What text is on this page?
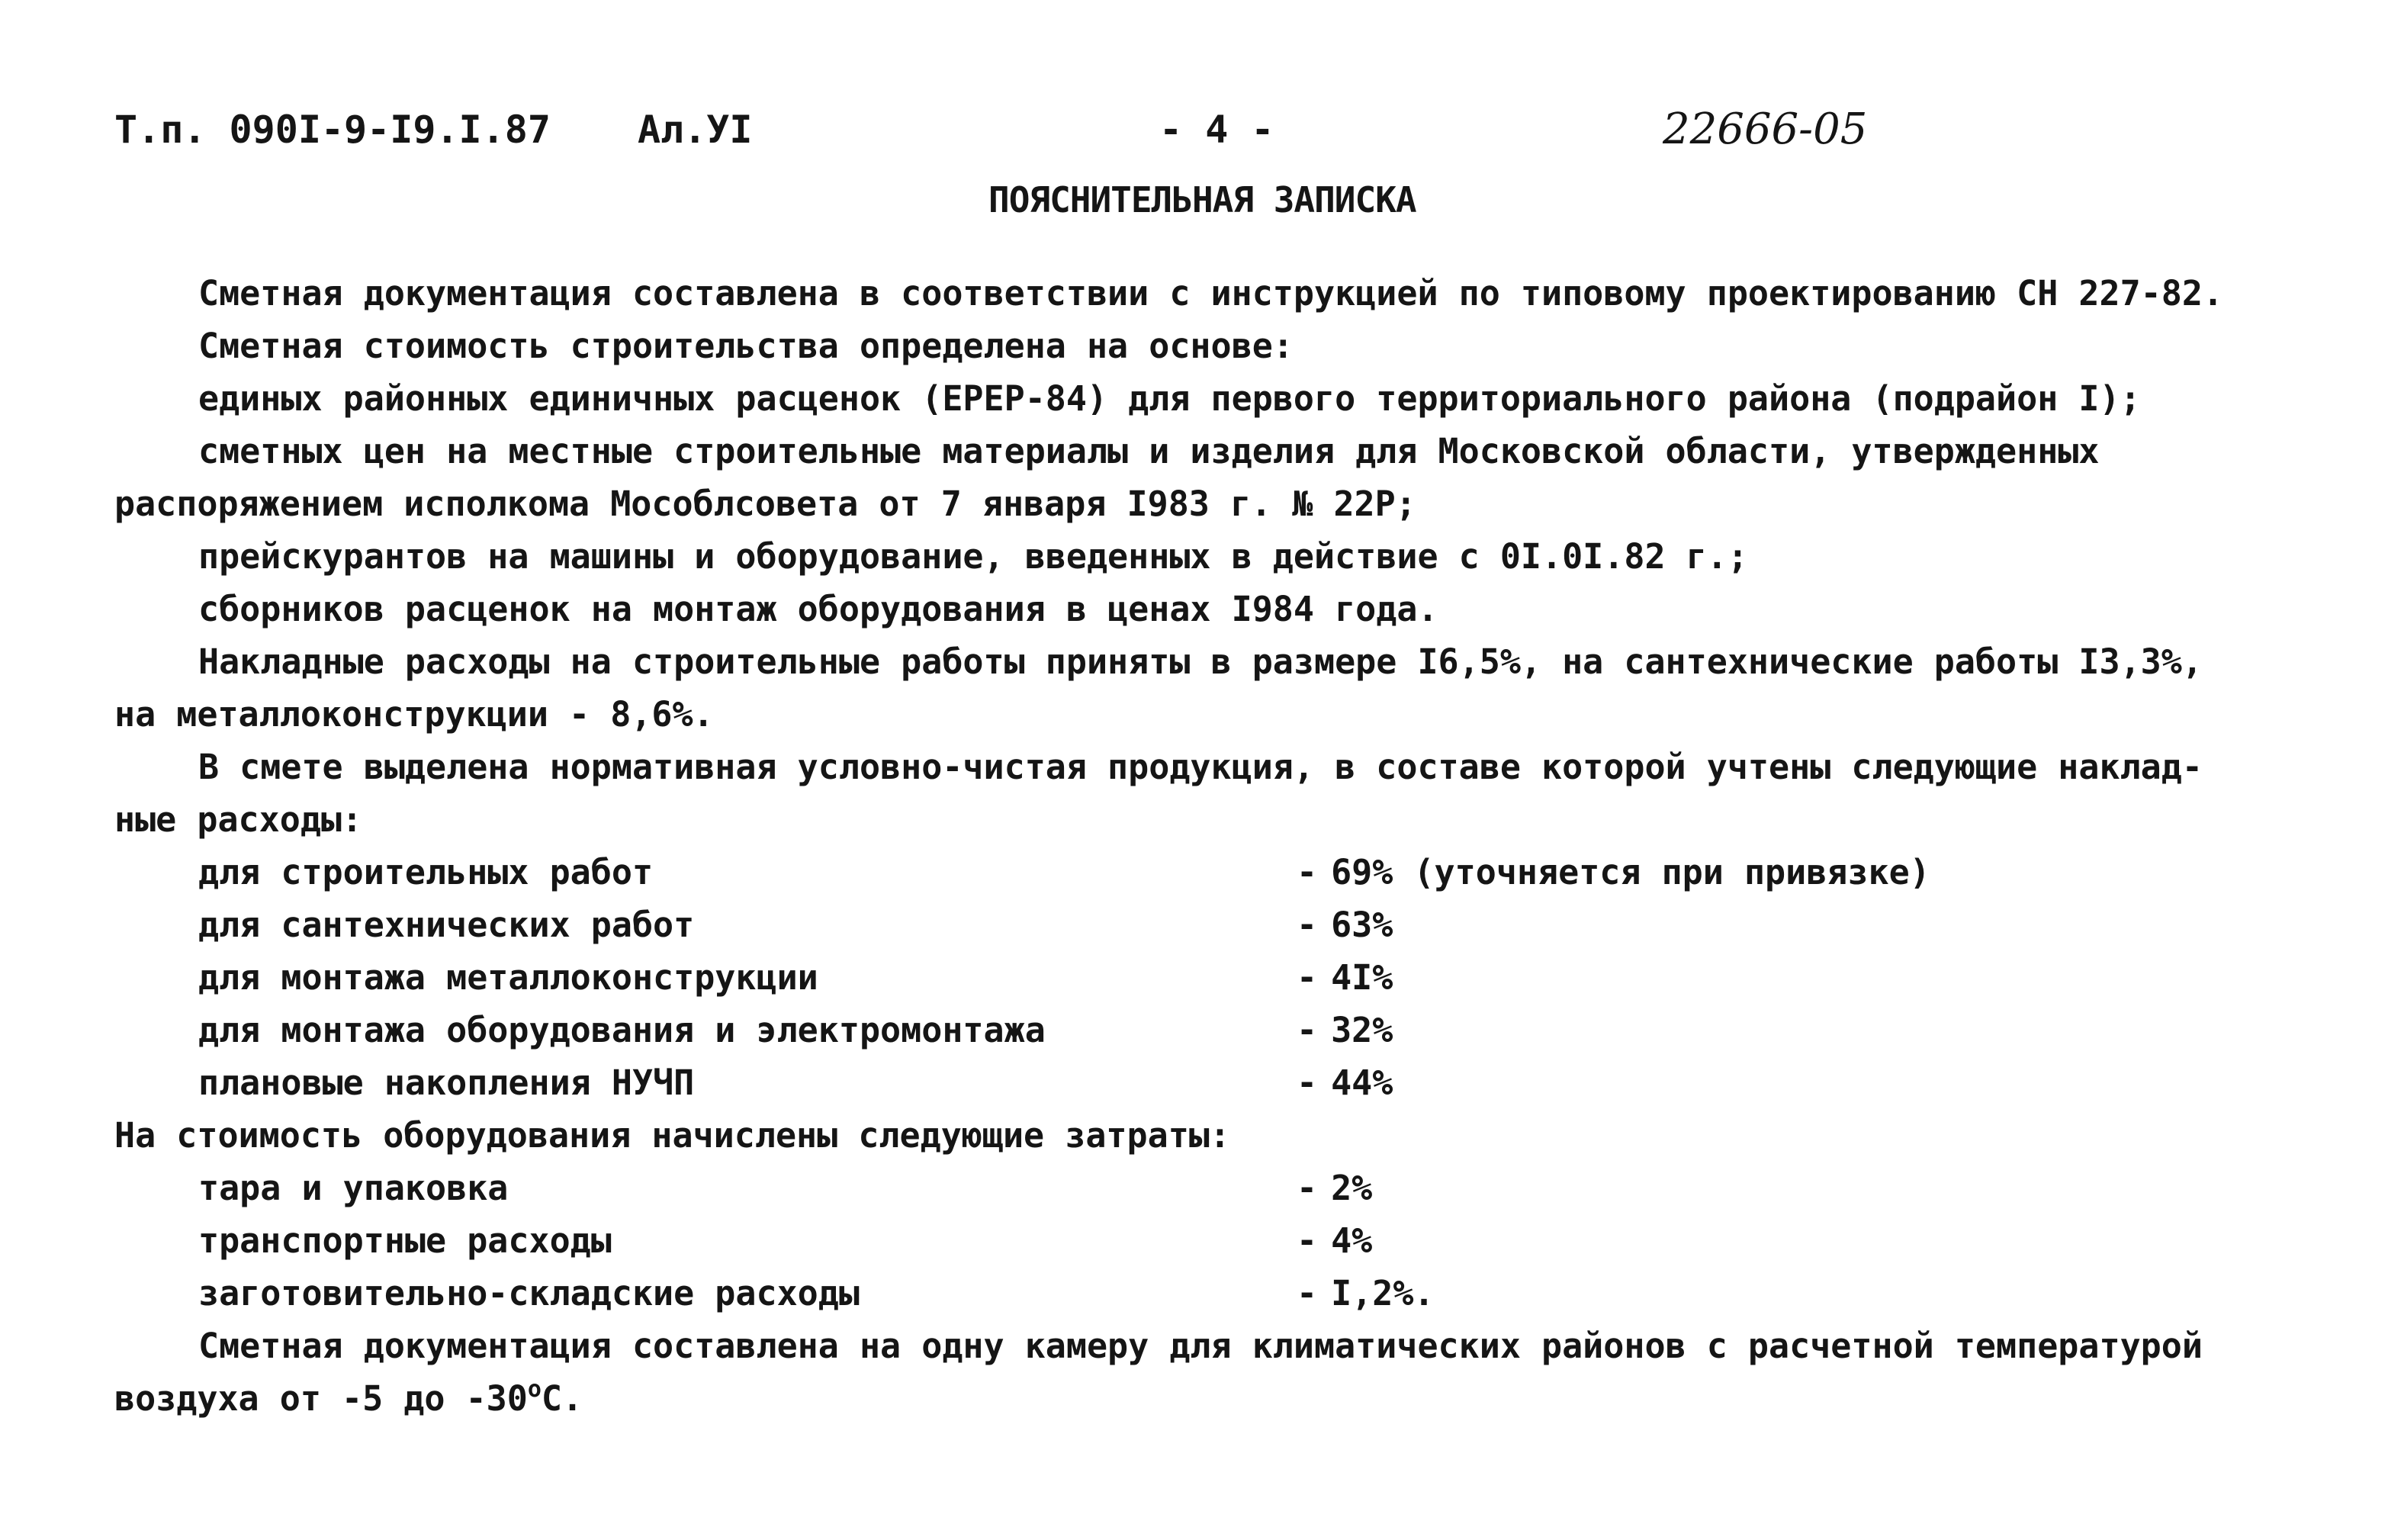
Т.п. 090I-9-I9.I.87 Ал.УI	- 4 -	22666-05
ПОЯСНИТЕЛЬНАЯ ЗАПИСКА
Сметная документация составлена в соответствии с инструкцией по типовому проектированию СН 227-82.
Сметная стоимость строительства определена на основе:
единых районных единичных расценок (ЕРЕР-84) для первого территориального района (подрайон I);
сметных цен на местные строительные материалы и изделия для Московской области, утвержденных
распоряжением исполкома Мособлсовета от 7 января I983 г. № 22Р;
прейскурантов на машины и оборудование, введенных в действие с 0I.0I.82 г.;
сборников расценок на монтаж оборудования в ценах I984 года.
Накладные расходы на строительные работы приняты в размере I6,5%, на сантехнические работы I3,3%,
на металлоконструкции - 8,6%.
В смете выделена нормативная условно-чистая продукция, в составе которой учтены следующие наклад-
ные расходы:
для строительных работ	- 69% (уточняется при привязке)
для сантехнических работ	- 63%
для монтажа металлоконструкции	- 4I%
для монтажа оборудования и электромонтажа	- 32%
плановые накопления НУЧП	- 44%
На стоимость оборудования начислены следующие затраты:
тара и упаковка	- 2%
транспортные расходы	- 4%
заготовительно-складские расходы	- I,2%.
Сметная документация составлена на одну камеру для климатических районов с расчетной температурой
воздуха от -5 до $-30^оС$.
